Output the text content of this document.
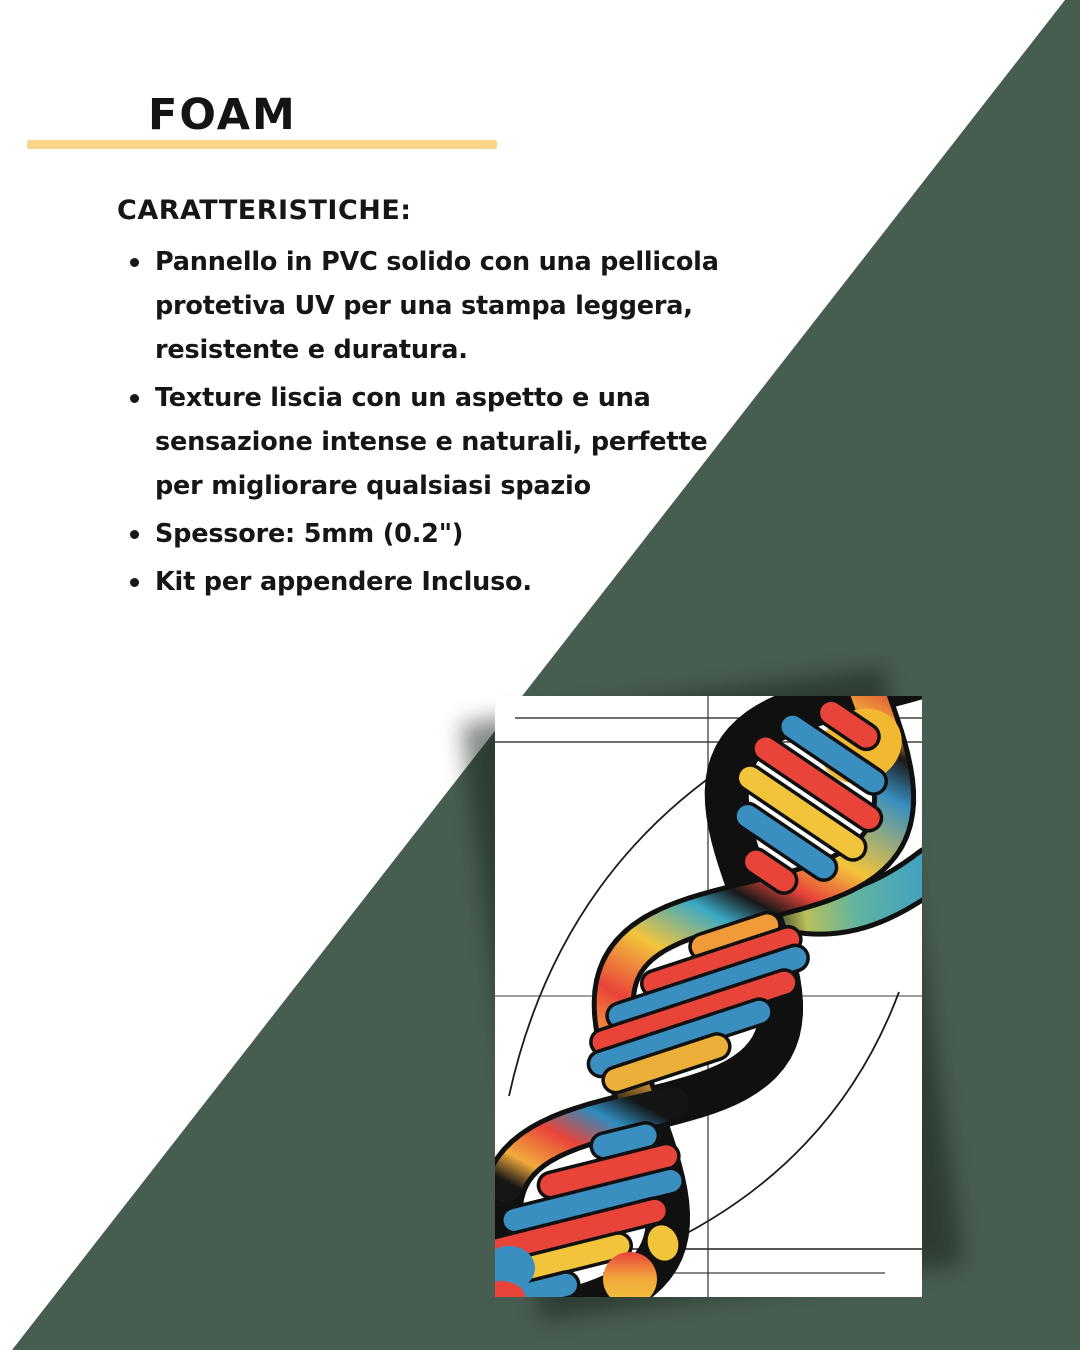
FOAM

CARATTERISTICHE:

Pannello in PVC solido con una pellicola protetiva UV per una stampa leggera, resistente e duratura.
Texture liscia con un aspetto e una sensazione intense e naturali, perfette per migliorare qualsiasi spazio
Spessore: 5mm (0.2")
Kit per appendere Incluso.
